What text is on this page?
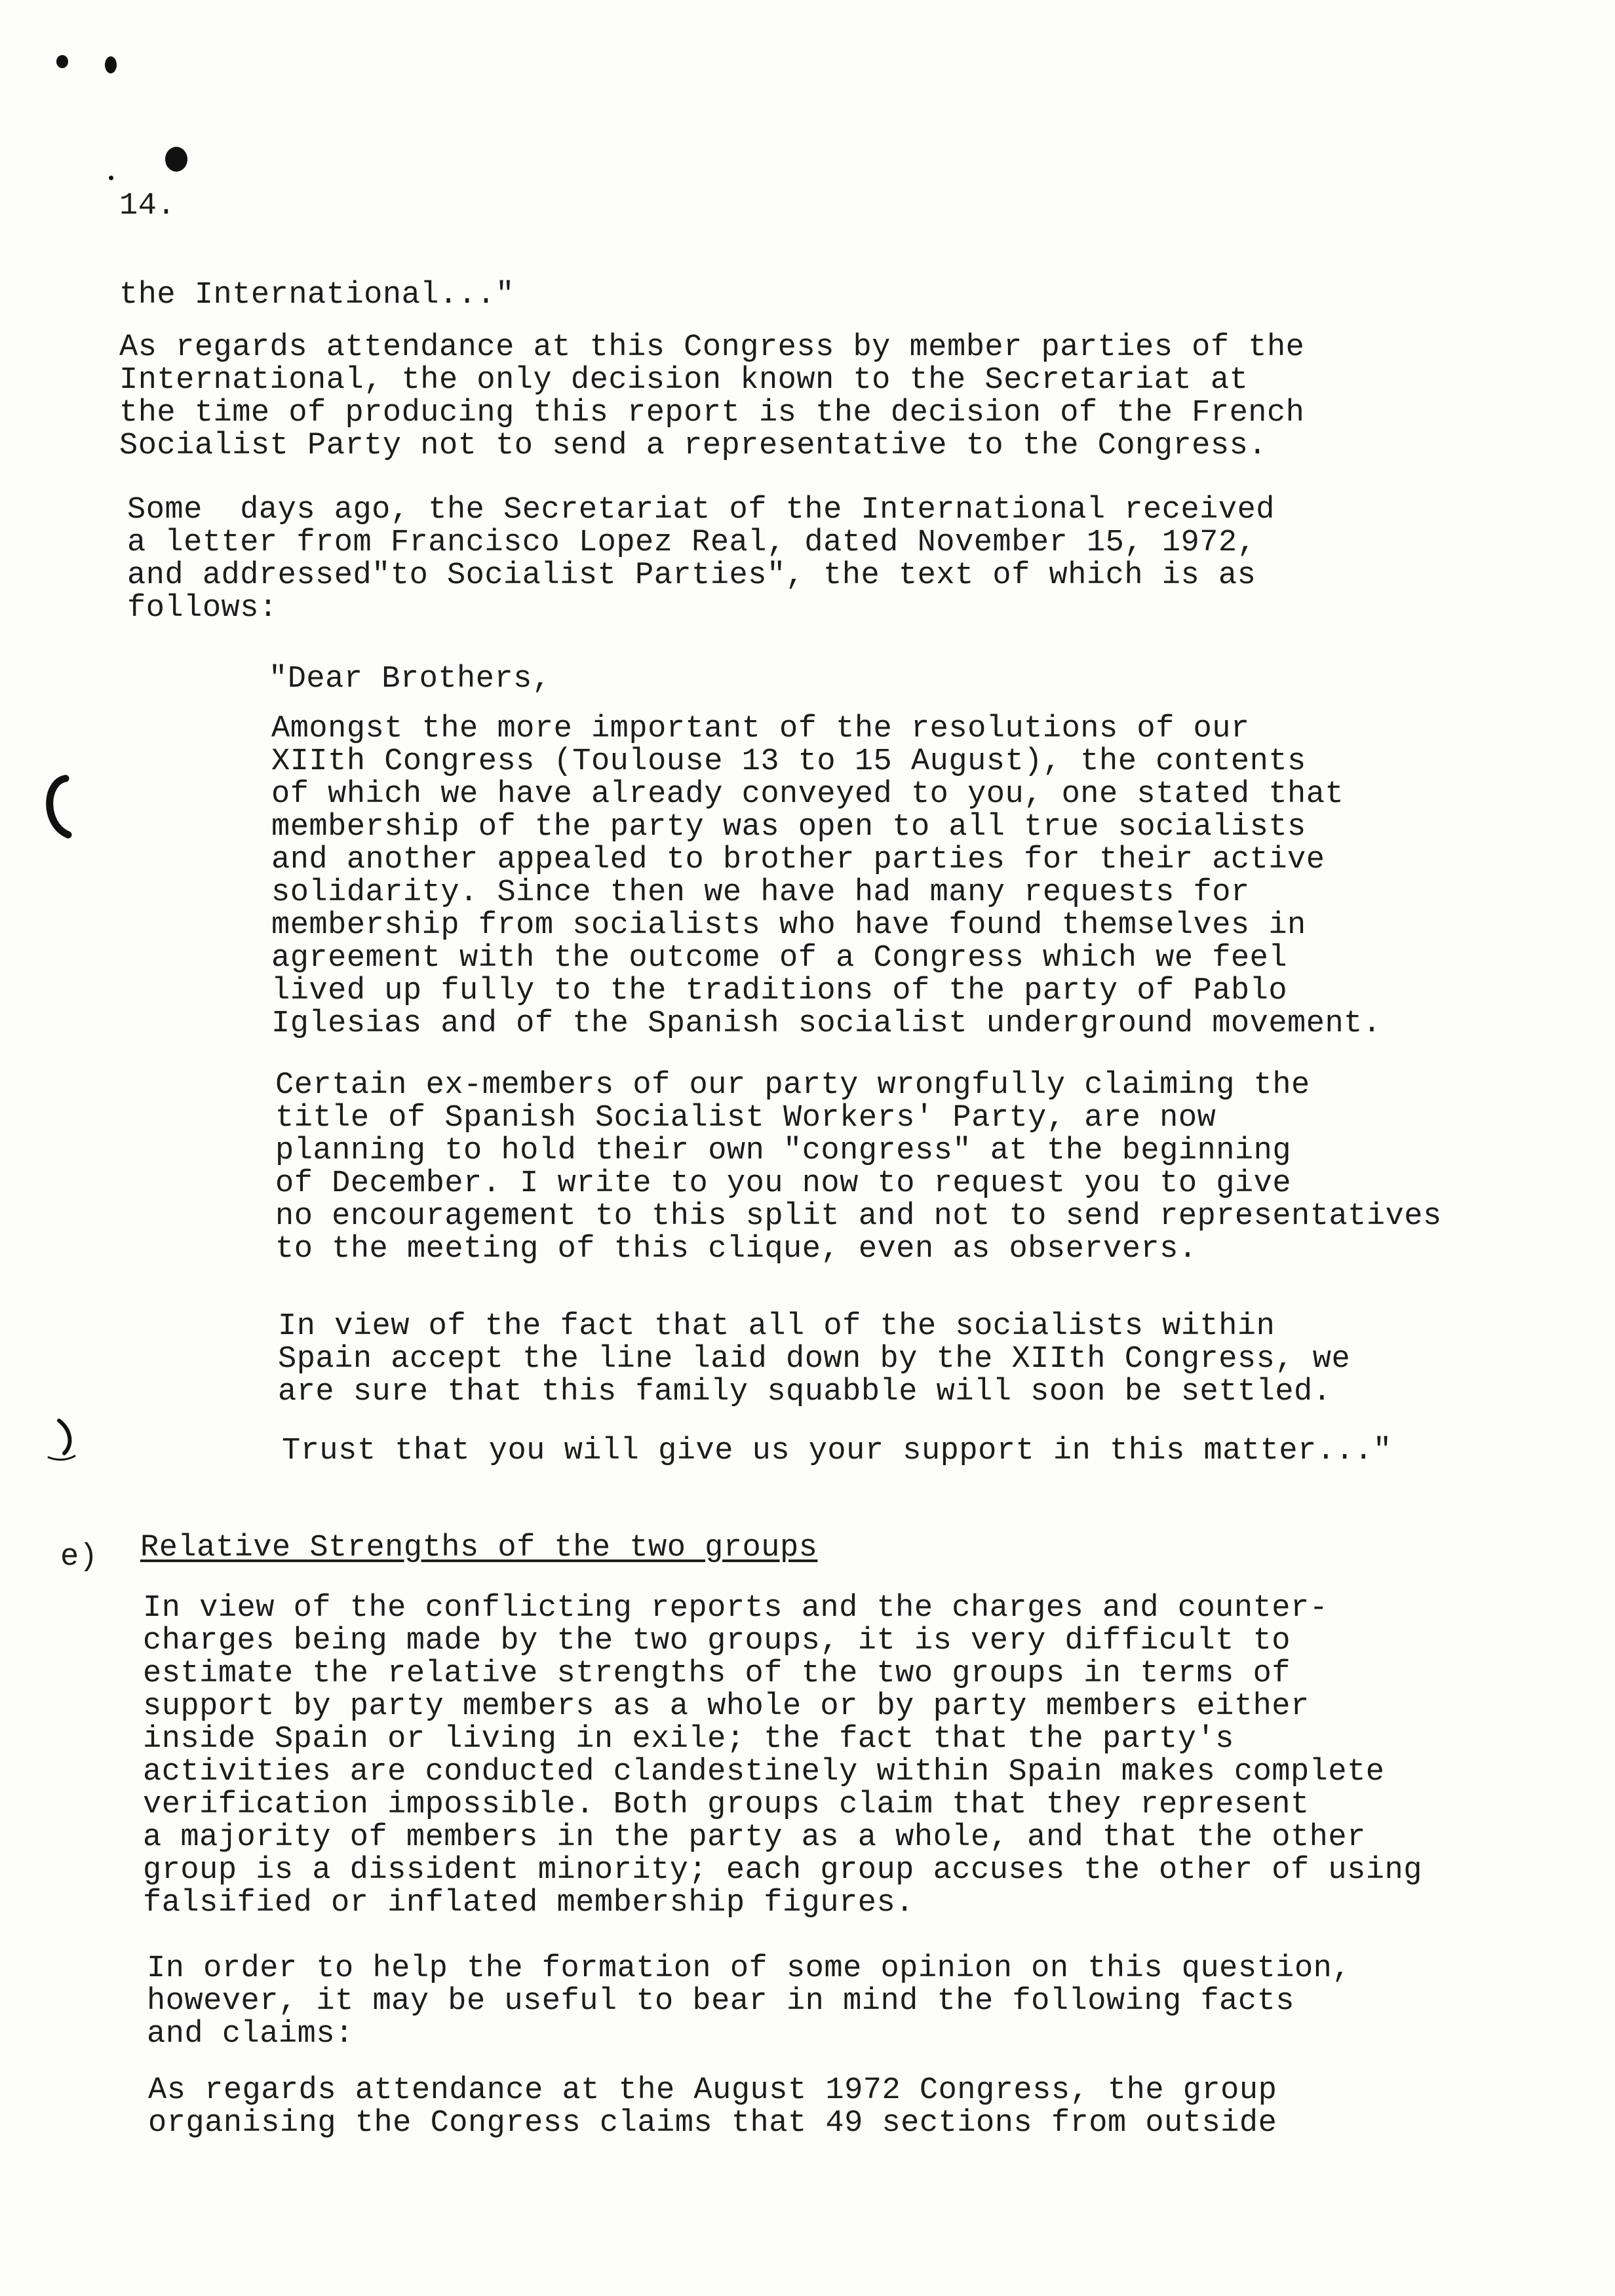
14.
the International..."
As regards attendance at this Congress by member parties of the
International, the only decision known to the Secretariat at
the time of producing this report is the decision of the French
Socialist Party not to send a representative to the Congress.
Some  days ago, the Secretariat of the International received
a letter from Francisco Lopez Real, dated November 15, 1972,
and addressed"to Socialist Parties", the text of which is as
follows:
"Dear Brothers,
Amongst the more important of the resolutions of our
XIIth Congress (Toulouse 13 to 15 August), the contents
of which we have already conveyed to you, one stated that
membership of the party was open to all true socialists
and another appealed to brother parties for their active
solidarity. Since then we have had many requests for
membership from socialists who have found themselves in
agreement with the outcome of a Congress which we feel
lived up fully to the traditions of the party of Pablo
Iglesias and of the Spanish socialist underground movement.
Certain ex-members of our party wrongfully claiming the
title of Spanish Socialist Workers' Party, are now
planning to hold their own "congress" at the beginning
of December. I write to you now to request you to give
no encouragement to this split and not to send representatives
to the meeting of this clique, even as observers.
In view of the fact that all of the socialists within
Spain accept the line laid down by the XIIth Congress, we
are sure that this family squabble will soon be settled.
Trust that you will give us your support in this matter..."
e) Relative Strengths of the two groups
In view of the conflicting reports and the charges and counter-
charges being made by the two groups, it is very difficult to
estimate the relative strengths of the two groups in terms of
support by party members as a whole or by party members either
inside Spain or living in exile; the fact that the party's
activities are conducted clandestinely within Spain makes complete
verification impossible. Both groups claim that they represent
a majority of members in the party as a whole, and that the other
group is a dissident minority; each group accuses the other of using
falsified or inflated membership figures.
In order to help the formation of some opinion on this question,
however, it may be useful to bear in mind the following facts
and claims:
As regards attendance at the August 1972 Congress, the group
organising the Congress claims that 49 sections from outside
